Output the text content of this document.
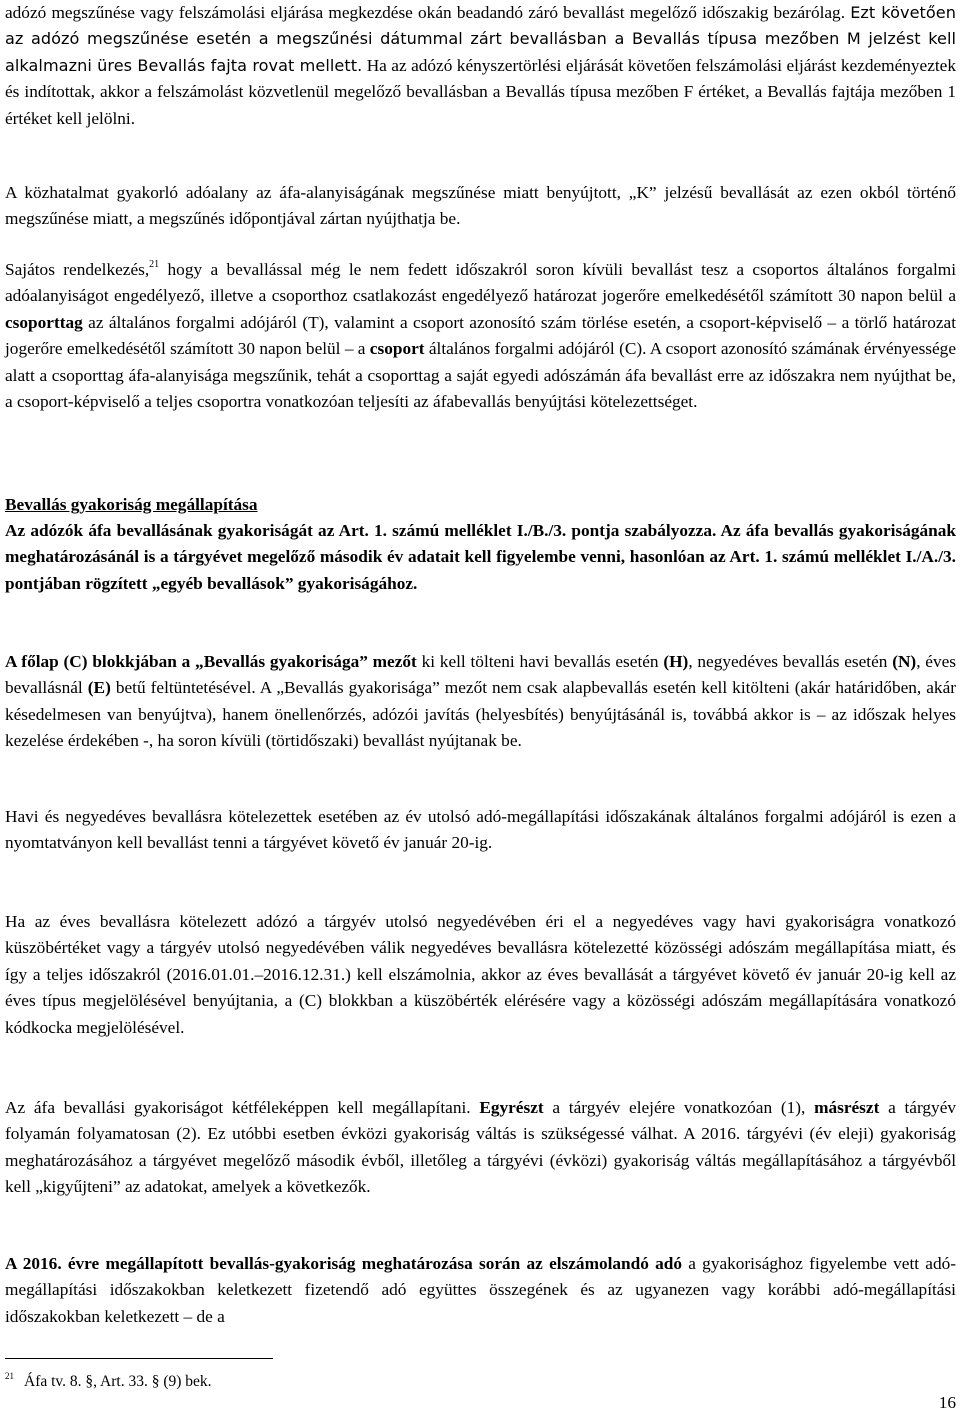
adózó megszűnése vagy felszámolási eljárása megkezdése okán beadandó záró bevallást megelőző időszakig bezárólag. Ezt követően az adózó megszűnése esetén a megszűnési dátummal zárt bevallásban a Bevallás típusa mezőben M jelzést kell alkalmazni üres Bevallás fajta rovat mellett. Ha az adózó kényszertörlési eljárását követően felszámolási eljárást kezdeményeztek és indítottak, akkor a felszámolást közvetlenül megelőző bevallásban a Bevallás típusa mezőben F értéket, a Bevallás fajtája mezőben 1 értéket kell jelölni.

A közhatalmat gyakorló adóalany az áfa-alanyiságának megszűnése miatt benyújtott, „K” jelzésű bevallását az ezen okból történő megszűnése miatt, a megszűnés időpontjával zártan nyújthatja be.

Sajátos rendelkezés,$^{21}$ hogy a bevallással még le nem fedett időszakról soron kívüli bevallást tesz a csoportos általános forgalmi adóalanyiságot engedélyező, illetve a csoporthoz csatlakozást engedélyező határozat jogerőre emelkedésétől számított 30 napon belül a csoporttag az általános forgalmi adójáról (T), valamint a csoport azonosító szám törlése esetén, a csoport-képviselő – a törlő határozat jogerőre emelkedésétől számított 30 napon belül – a csoport általános forgalmi adójáról (C). A csoport azonosító számának érvényessége alatt a csoporttag áfa-alanyisága megszűnik, tehát a csoporttag a saját egyedi adószámán áfa bevallást erre az időszakra nem nyújthat be, a csoport-képviselő a teljes csoportra vonatkozóan teljesíti az áfabevallás benyújtási kötelezettséget.

Bevallás gyakoriság megállapítása

Az adózók áfa bevallásának gyakoriságát az Art. 1. számú melléklet I./B./3. pontja szabályozza. Az áfa bevallás gyakoriságának meghatározásánál is a tárgyévet megelőző második év adatait kell figyelembe venni, hasonlóan az Art. 1. számú melléklet I./A./3. pontjában rögzített „egyéb bevallások” gyakoriságához.

A főlap (C) blokkjában a „Bevallás gyakorisága” mezőt ki kell tölteni havi bevallás esetén (H), negyedéves bevallás esetén (N), éves bevallásnál (E) betű feltüntetésével. A „Bevallás gyakorisága” mezőt nem csak alapbevallás esetén kell kitölteni (akár határidőben, akár késedelmesen van benyújtva), hanem önellenőrzés, adózói javítás (helyesbítés) benyújtásánál is, továbbá akkor is – az időszak helyes kezelése érdekében -, ha soron kívüli (törtidőszaki) bevallást nyújtanak be.

Havi és negyedéves bevallásra kötelezettek esetében az év utolsó adó-megállapítási időszakának általános forgalmi adójáról is ezen a nyomtatványon kell bevallást tenni a tárgyévet követő év január 20-ig.

Ha az éves bevallásra kötelezett adózó a tárgyév utolsó negyedévében éri el a negyedéves vagy havi gyakoriságra vonatkozó küszöbértéket vagy a tárgyév utolsó negyedévében válik negyedéves bevallásra kötelezetté közösségi adószám megállapítása miatt, és így a teljes időszakról (2016.01.01.–2016.12.31.) kell elszámolnia, akkor az éves bevallását a tárgyévet követő év január 20-ig kell az éves típus megjelölésével benyújtania, a (C) blokkban a küszöbérték elérésére vagy a közösségi adószám megállapítására vonatkozó kódkocka megjelölésével.

Az áfa bevallási gyakoriságot kétféleképpen kell megállapítani. Egyrészt a tárgyév elejére vonatkozóan (1), másrészt a tárgyév folyamán folyamatosan (2). Ez utóbbi esetben évközi gyakoriság váltás is szükségessé válhat. A 2016. tárgyévi (év eleji) gyakoriság meghatározásához a tárgyévet megelőző második évből, illetőleg a tárgyévi (évközi) gyakoriság váltás megállapításához a tárgyévből kell „kigyűjteni” az adatokat, amelyek a következők.

A 2016. évre megállapított bevallás-gyakoriság meghatározása során az elszámolandó adó a gyakorisághoz figyelembe vett adó-megállapítási időszakokban keletkezett fizetendő adó együttes összegének és az ugyanezen vagy korábbi adó-megállapítási időszakokban keletkezett – de a

$^{21}$ Áfa tv. 8. §, Art. 33. § (9) bek.
16
